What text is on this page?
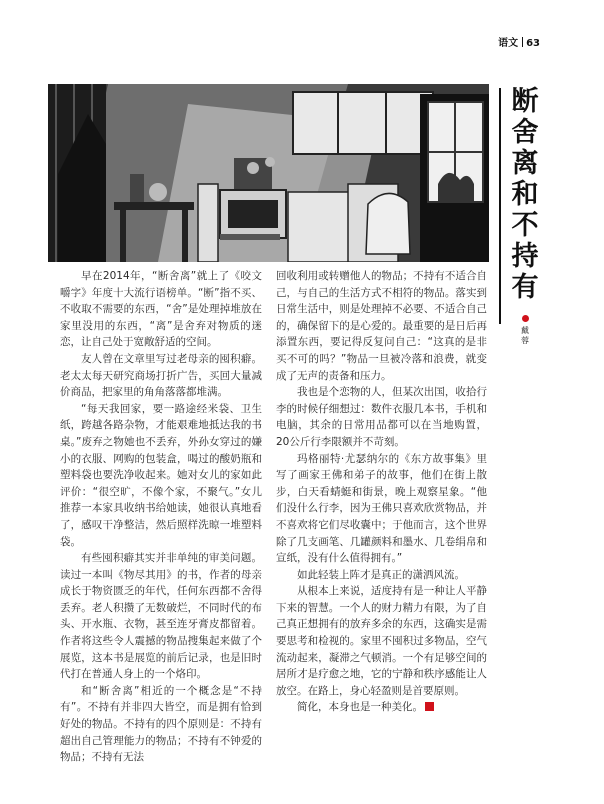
语文 63
断
舍
离
和
不
持
有
戴蓉

早在2014年，“断舍离”就上了《咬文嚼字》年度十大流行语榜单。“断”指不买、不收取不需要的东西，“舍”是处理掉堆放在家里没用的东西，“离”是舍弃对物质的迷恋，让自己处于宽敞舒适的空间。

友人曾在文章里写过老母亲的囤积癖。老太太每天研究商场打折广告，买回大量减价商品，把家里的角角落落都堆满。

“每天我回家，要一路途经米袋、卫生纸，跨越各路杂物，才能艰难地抵达我的书桌。”废弃之物她也不丢弃，外孙女穿过的嫌小的衣服、网购的包装盒，喝过的酸奶瓶和塑料袋也要洗净收起来。她对女儿的家如此评价：“很空旷，不像个家，不聚气。”女儿推荐一本家具收纳书给她读，她很认真地看了，感叹干净整洁，然后照样洗晾一堆塑料袋。

有些囤积癖其实并非单纯的审美问题。读过一本叫《物尽其用》的书，作者的母亲成长于物资匮乏的年代，任何东西都不舍得丢弃。老人积攒了无数破烂，不同时代的布头、开水瓶、衣物，甚至连牙膏皮都留着。作者将这些令人震撼的物品搜集起来做了个展览，这本书是展览的前后记录，也是旧时代打在普通人身上的一个烙印。

和“断舍离”相近的一个概念是“不持有”。不持有并非四大皆空，而是拥有恰到好处的物品。不持有的四个原则是：不持有超出自己管理能力的物品；不持有不钟爱的物品；不持有无法

回收利用或转赠他人的物品；不持有不适合自己，与自己的生活方式不相符的物品。落实到日常生活中，则是处理掉不必要、不适合自己的，确保留下的是心爱的。最重要的是日后再添置东西，要记得反复问自己：“这真的是非买不可的吗？”物品一旦被冷落和浪费，就变成了无声的责备和压力。

我也是个恋物的人，但某次出国，收拾行李的时候仔细想过：数件衣服几本书，手机和电脑，其余的日常用品都可以在当地购置，20公斤行李限额并不苛刻。

玛格丽特·尤瑟纳尔的《东方故事集》里写了画家王佛和弟子的故事，他们在街上散步，白天看蜻蜓和街景，晚上观察星象。“他们没什么行李，因为王佛只喜欢欣赏物品，并不喜欢将它们尽收囊中；于他而言，这个世界除了几支画笔、几罐颜料和墨水、几卷绢帛和宣纸，没有什么值得拥有。”

如此轻装上阵才是真正的潇洒风流。

从根本上来说，适度持有是一种让人平静下来的智慧。一个人的财力精力有限，为了自己真正想拥有的放弃多余的东西，这确实是需要思考和检视的。家里不囤积过多物品，空气流动起来，凝滞之气顿消。一个有足够空间的居所才是疗愈之地，它的宁静和秩序感能让人放空。在路上，身心轻盈则是首要原则。

简化，本身也是一种美化。
